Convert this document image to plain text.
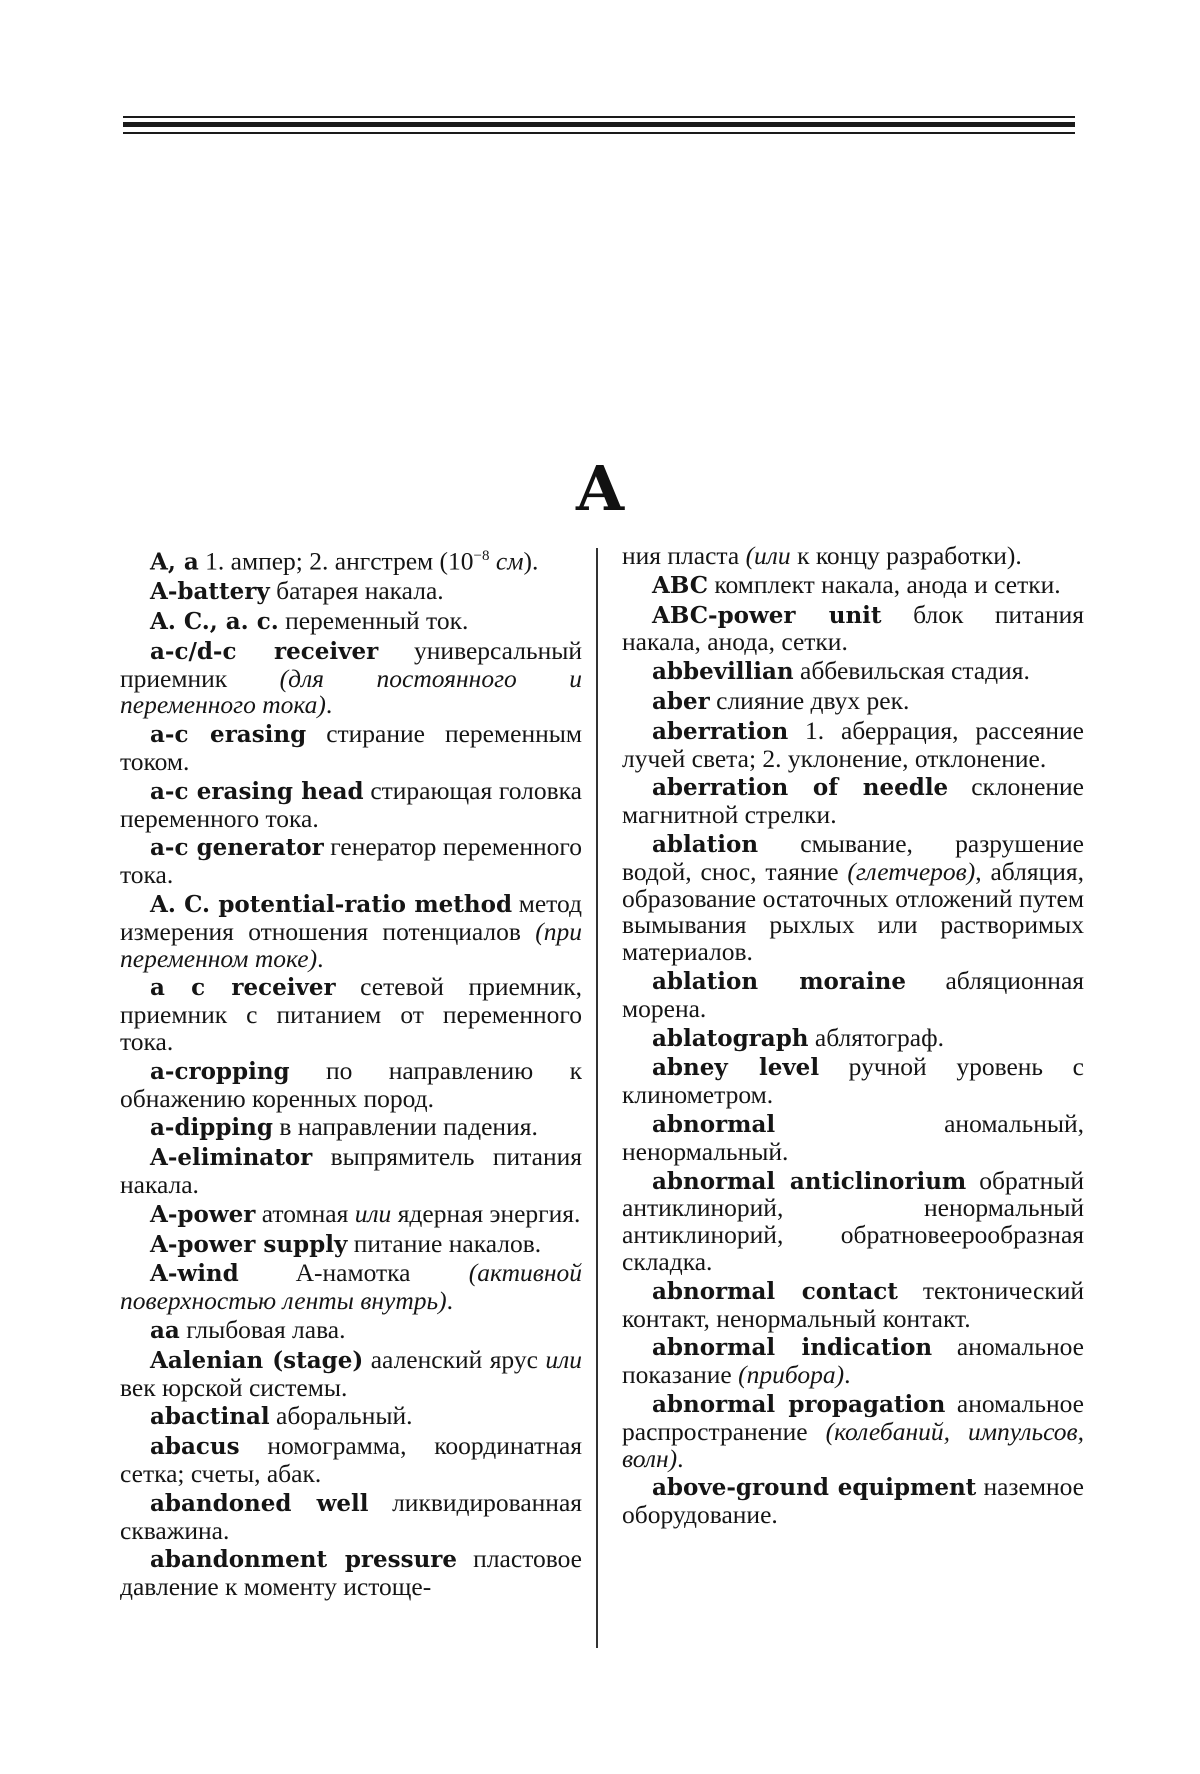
A

A, a 1. ампер; 2. ангстрем ($10^{-8}$ см).

A-battery батарея накала.

A. C., a. c. переменный ток.

a-c/d-c receiver универсальный приемник (для постоянного и переменного тока).

a-c erasing стирание переменным током.

a-c erasing head стирающая головка переменного тока.

a-c generator генератор переменного тока.

A. C. potential-ratio method метод измерения отношения потенциалов (при переменном токе).

a c receiver сетевой приемник, приемник с питанием от переменного тока.

a-cropping по направлению к обнажению коренных пород.

a-dipping в направлении падения.

A-eliminator выпрямитель питания накала.

A-power атомная или ядерная энергия.

A-power supply питание накалов.

A-wind A-намотка (активной поверхностью ленты внутрь).

aa глыбовая лава.

Aalenian (stage) ааленский ярус или век юрской системы.

abactinal аборальный.

abacus номограмма, координатная сетка; счеты, абак.

abandoned well ликвидированная скважина.

abandonment pressure пластовое давление к моменту истоще-

ния пласта (или к концу разработки).

ABC комплект накала, анода и сетки.

ABC-power unit блок питания накала, анода, сетки.

abbevillian аббевильская стадия.

aber слияние двух рек.

aberration 1. аберрация, рассеяние лучей света; 2. уклонение, отклонение.

aberration of needle склонение магнитной стрелки.

ablation смывание, разрушение водой, снос, таяние (глетчеров), абляция, образование остаточных отложений путем вымывания рыхлых или растворимых материалов.

ablation moraine абляционная морена.

ablatograph аблятограф.

abney level ручной уровень с клинометром.

abnormal аномальный, ненормальный.

abnormal anticlinorium обратный антиклинорий, ненормальный антиклинорий, обратновеерообразная складка.

abnormal contact тектонический контакт, ненормальный контакт.

abnormal indication аномальное показание (прибора).

abnormal propagation аномальное распространение (колебаний, импульсов, волн).

above-ground equipment наземное оборудование.
